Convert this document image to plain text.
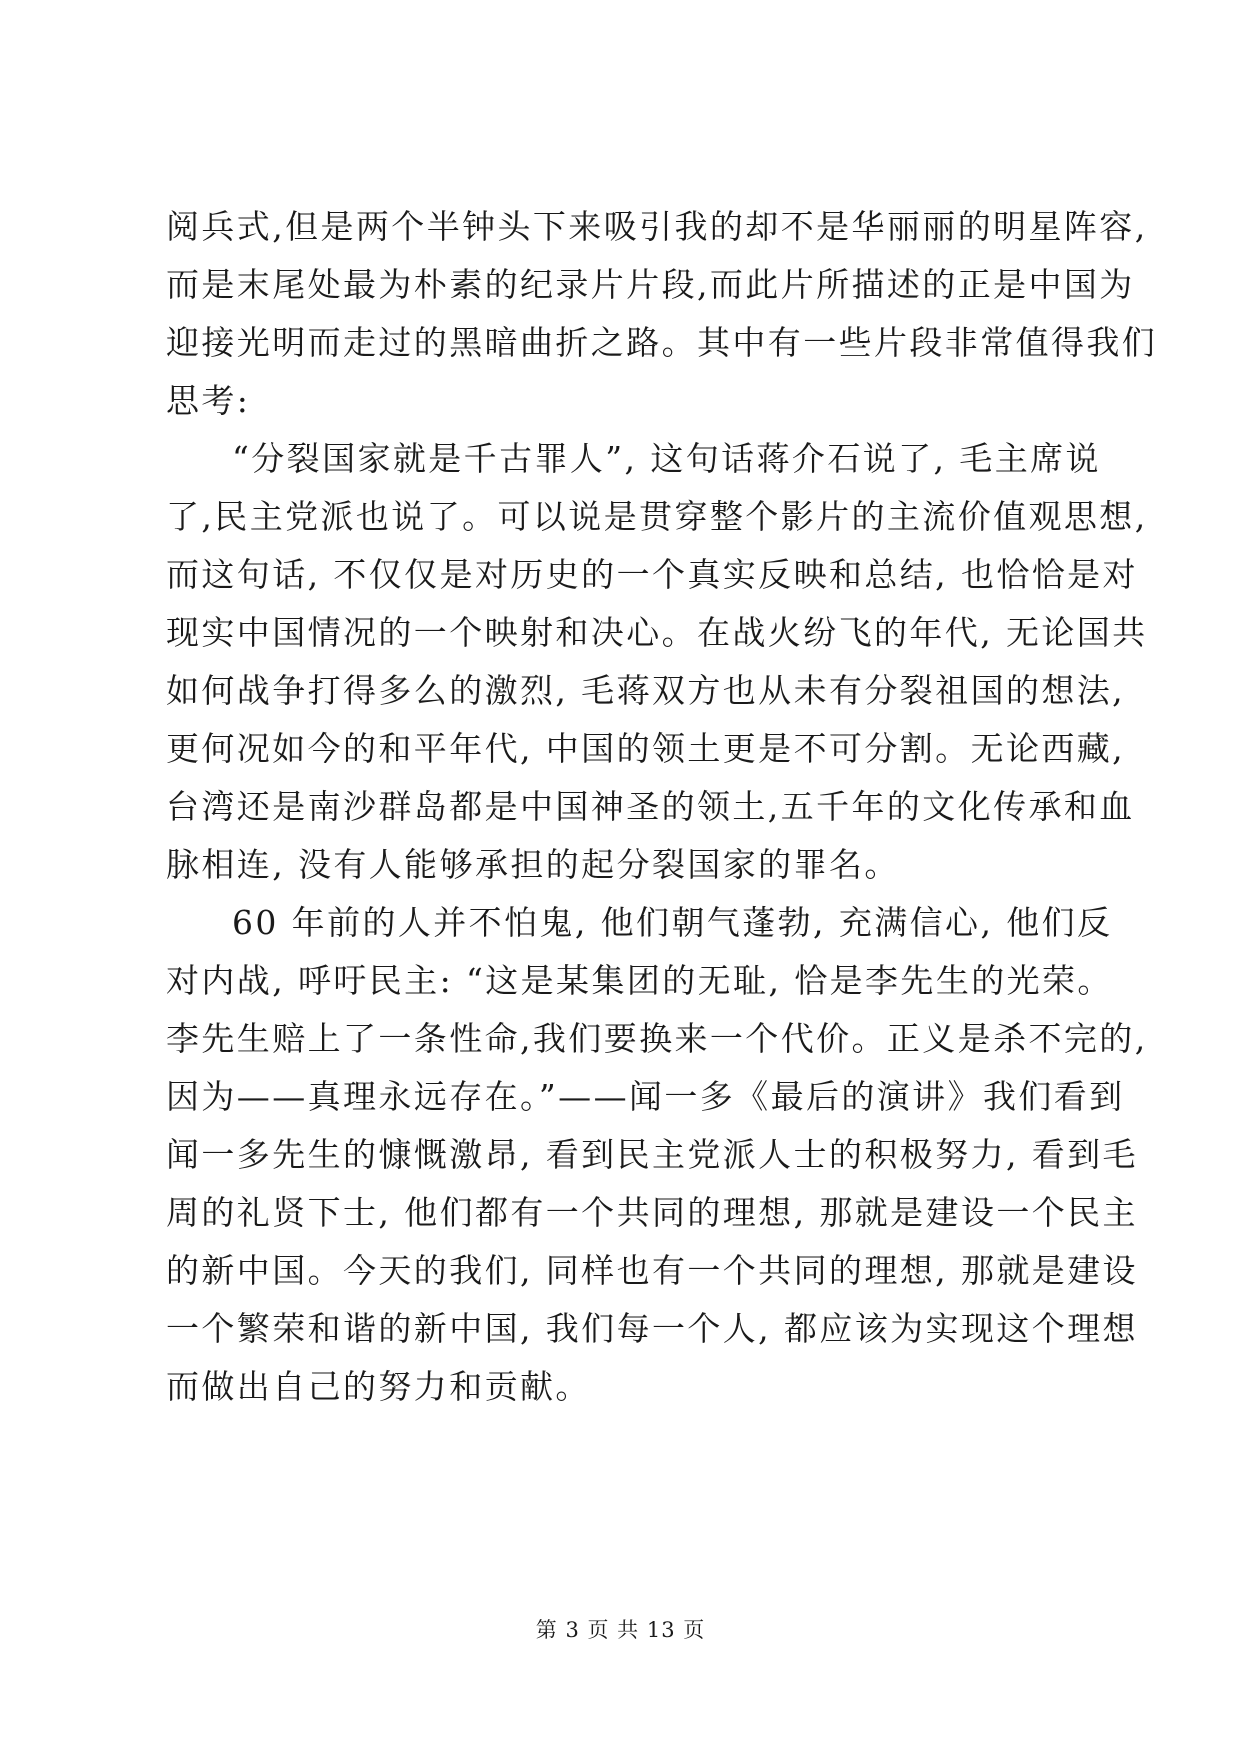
阅兵式,但是两个半钟头下来吸引我的却不是华丽丽的明星阵容,
而是末尾处最为朴素的纪录片片段,而此片所描述的正是中国为
迎接光明而走过的黑暗曲折之路。其中有一些片段非常值得我们
思考:
“分裂国家就是千古罪人”, 这句话蒋介石说了, 毛主席说
了,民主党派也说了。可以说是贯穿整个影片的主流价值观思想,
而这句话, 不仅仅是对历史的一个真实反映和总结, 也恰恰是对
现实中国情况的一个映射和决心。在战火纷飞的年代, 无论国共
如何战争打得多么的激烈, 毛蒋双方也从未有分裂祖国的想法,
更何况如今的和平年代, 中国的领土更是不可分割。无论西藏,
台湾还是南沙群岛都是中国神圣的领土,五千年的文化传承和血
脉相连, 没有人能够承担的起分裂国家的罪名。
60 年前的人并不怕鬼, 他们朝气蓬勃, 充满信心, 他们反
对内战, 呼吁民主: “这是某集团的无耻, 恰是李先生的光荣。
李先生赔上了一条性命,我们要换来一个代价。正义是杀不完的,
因为——真理永远存在。”——闻一多《最后的演讲》我们看到
闻一多先生的慷慨激昂, 看到民主党派人士的积极努力, 看到毛
周的礼贤下士, 他们都有一个共同的理想, 那就是建设一个民主
的新中国。今天的我们, 同样也有一个共同的理想, 那就是建设
一个繁荣和谐的新中国, 我们每一个人, 都应该为实现这个理想
而做出自己的努力和贡献。
第 3 页 共 13 页
